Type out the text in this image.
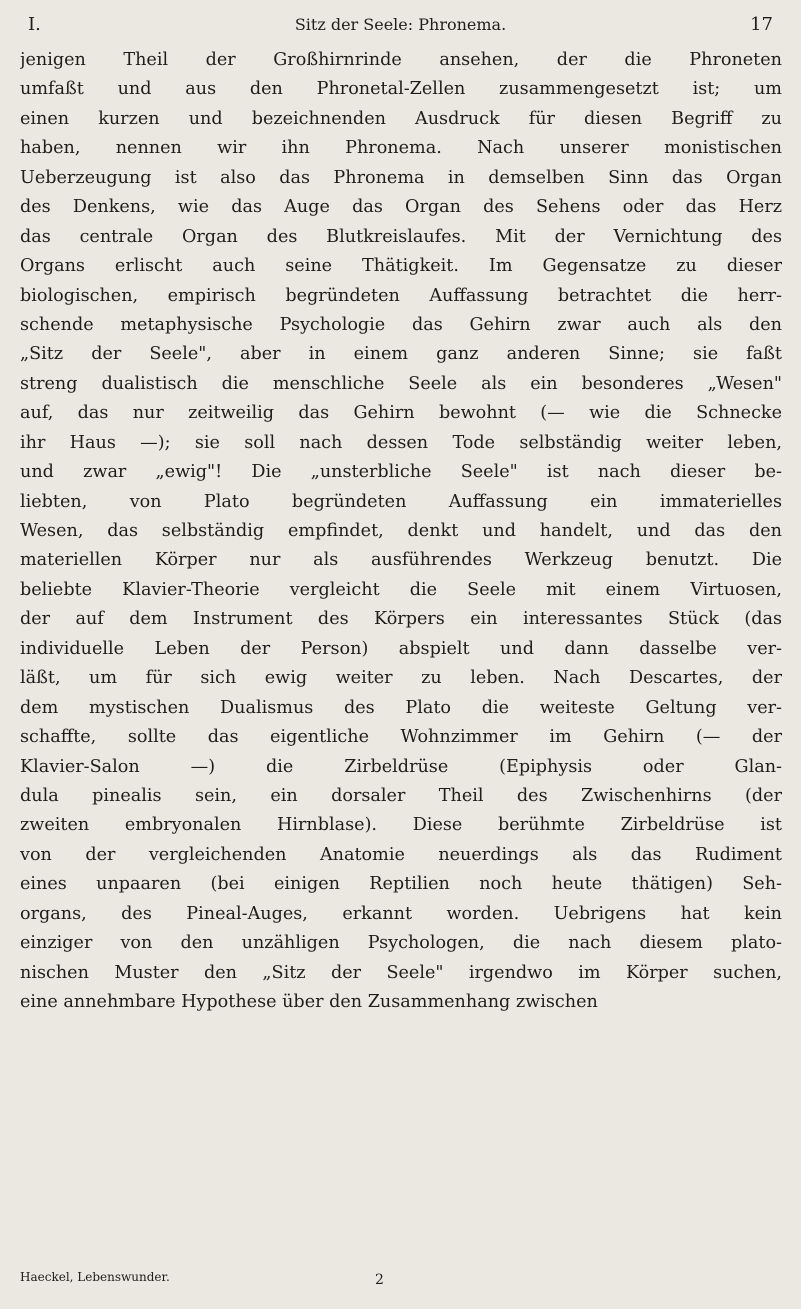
I.	Sitz der Seele: Phronema.	17
jenigen Theil der Großhirnrinde ansehen, der die Phroneten
umfaßt und aus den Phronetal-Zellen zusammengesetzt ist; um
einen kurzen und bezeichnenden Ausdruck für diesen Begriff zu
haben, nennen wir ihn Phronema. Nach unserer monistischen
Ueberzeugung ist also das Phronema in demselben Sinn das Organ
des Denkens, wie das Auge das Organ des Sehens oder das Herz
das centrale Organ des Blutkreislaufes. Mit der Vernichtung des
Organs erlischt auch seine Thätigkeit. Im Gegensatze zu dieser
biologischen, empirisch begründeten Auffassung betrachtet die herr-
schende metaphysische Psychologie das Gehirn zwar auch als den
„Sitz der Seele", aber in einem ganz anderen Sinne; sie faßt
streng dualistisch die menschliche Seele als ein besonderes „Wesen"
auf, das nur zeitweilig das Gehirn bewohnt (— wie die Schnecke
ihr Haus —); sie soll nach dessen Tode selbständig weiter leben,
und zwar „ewig"! Die „unsterbliche Seele" ist nach dieser be-
liebten, von Plato begründeten Auffassung ein immaterielles
Wesen, das selbständig empfindet, denkt und handelt, und das den
materiellen Körper nur als ausführendes Werkzeug benutzt. Die
beliebte Klavier-Theorie vergleicht die Seele mit einem Virtuosen,
der auf dem Instrument des Körpers ein interessantes Stück (das
individuelle Leben der Person) abspielt und dann dasselbe ver-
läßt, um für sich ewig weiter zu leben. Nach Descartes, der
dem mystischen Dualismus des Plato die weiteste Geltung ver-
schaffte, sollte das eigentliche Wohnzimmer im Gehirn (— der
Klavier-Salon —) die Zirbeldrüse (Epiphysis oder Glan-
dula pinealis sein, ein dorsaler Theil des Zwischenhirns (der
zweiten embryonalen Hirnblase). Diese berühmte Zirbeldrüse ist
von der vergleichenden Anatomie neuerdings als das Rudiment
eines unpaaren (bei einigen Reptilien noch heute thätigen) Seh-
organs, des Pineal-Auges, erkannt worden. Uebrigens hat kein
einziger von den unzähligen Psychologen, die nach diesem plato-
nischen Muster den „Sitz der Seele" irgendwo im Körper suchen,
eine annehmbare Hypothese über den Zusammenhang zwischen
Haeckel, Lebenswunder.	2
